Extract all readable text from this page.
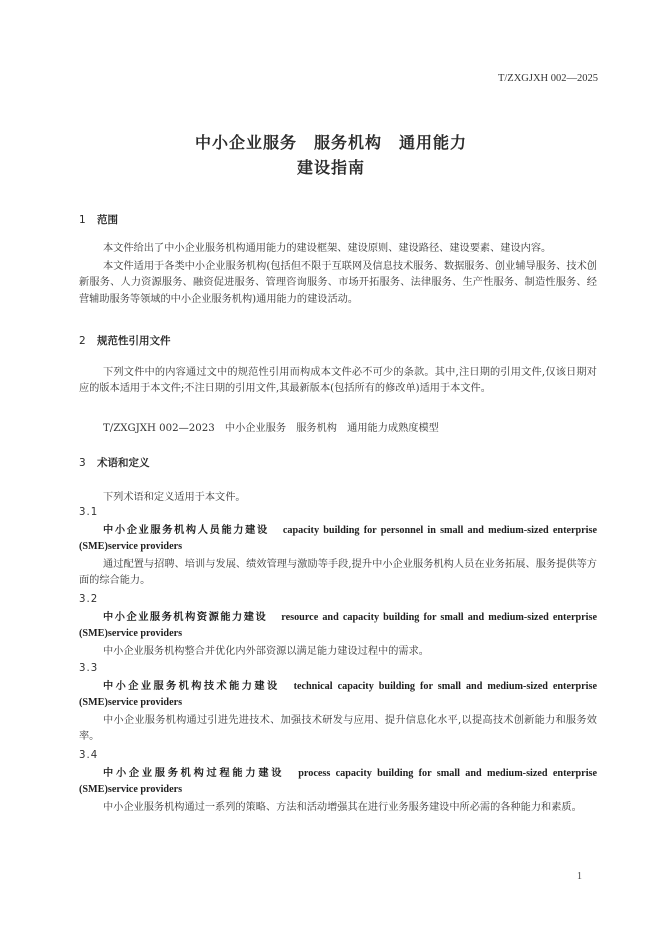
T/ZXGJXH 002—2025
中小企业服务　服务机构　通用能力
建设指南
1 范围

本文件给出了中小企业服务机构通用能力的建设框架、建设原则、建设路径、建设要素、建设内容。

本文件适用于各类中小企业服务机构(包括但不限于互联网及信息技术服务、数据服务、创业辅导服务、技术创新服务、人力资源服务、融资促进服务、管理咨询服务、市场开拓服务、法律服务、生产性服务、制造性服务、经营辅助服务等领域的中小企业服务机构)通用能力的建设活动。

2 规范性引用文件

下列文件中的内容通过文中的规范性引用而构成本文件必不可少的条款。其中,注日期的引用文件,仅该日期对应的版本适用于本文件;不注日期的引用文件,其最新版本(包括所有的修改单)适用于本文件。

T/ZXGJXH 002—2023　中小企业服务　服务机构　通用能力成熟度模型
3 术语和定义
下列术语和定义适用于本文件。
3.1

中小企业服务机构人员能力建设 capacity building for personnel in small and medium-sized enterprise (SME)service providers

通过配置与招聘、培训与发展、绩效管理与激励等手段,提升中小企业服务机构人员在业务拓展、服务提供等方面的综合能力。

3.2

中小企业服务机构资源能力建设 resource and capacity building for small and medium-sized enterprise (SME)service providers

中小企业服务机构整合并优化内外部资源以满足能力建设过程中的需求。

3.3

中小企业服务机构技术能力建设 technical capacity building for small and medium-sized enterprise (SME)service providers

中小企业服务机构通过引进先进技术、加强技术研发与应用、提升信息化水平,以提高技术创新能力和服务效率。

3.4

中小企业服务机构过程能力建设 process capacity building for small and medium-sized enterprise (SME)service providers

中小企业服务机构通过一系列的策略、方法和活动增强其在进行业务服务建设中所必需的各种能力和素质。

1
